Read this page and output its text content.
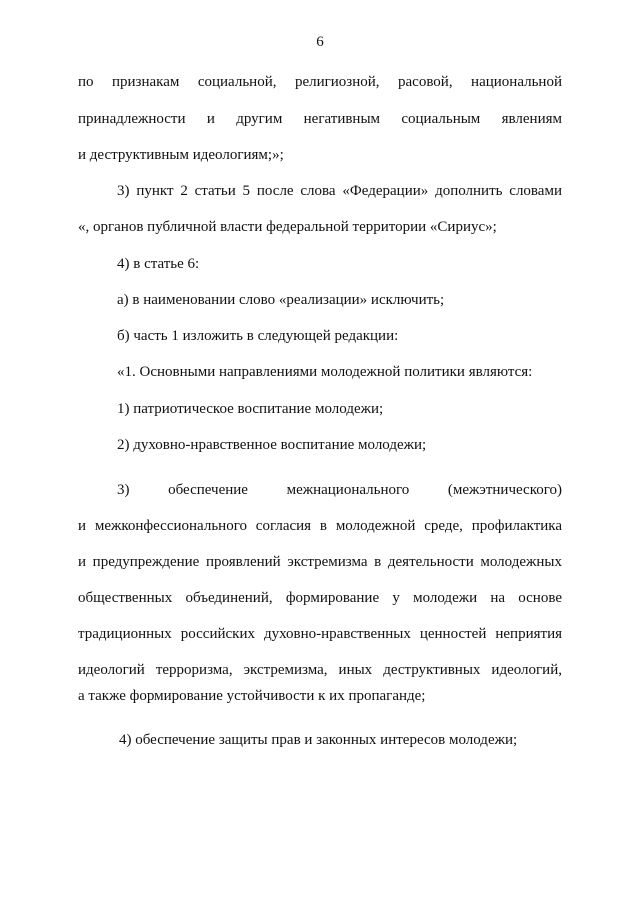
6
по признакам социальной, религиозной, расовой, национальной
принадлежности и другим негативным социальным явлениям
и деструктивным идеологиям;»;
3) пункт 2 статьи 5 после слова «Федерации» дополнить словами
«, органов публичной власти федеральной территории «Сириус»;
4) в статье 6:
а) в наименовании слово «реализации» исключить;
б) часть 1 изложить в следующей редакции:
«1. Основными направлениями молодежной политики являются:
1) патриотическое воспитание молодежи;
2) духовно-нравственное воспитание молодежи;
3) обеспечение межнационального (межэтнического)
и межконфессионального согласия в молодежной среде, профилактика
и предупреждение проявлений экстремизма в деятельности молодежных
общественных объединений, формирование у молодежи на основе
традиционных российских духовно-нравственных ценностей неприятия
идеологий терроризма, экстремизма, иных деструктивных идеологий,
а также формирование устойчивости к их пропаганде;
4) обеспечение защиты прав и законных интересов молодежи;
